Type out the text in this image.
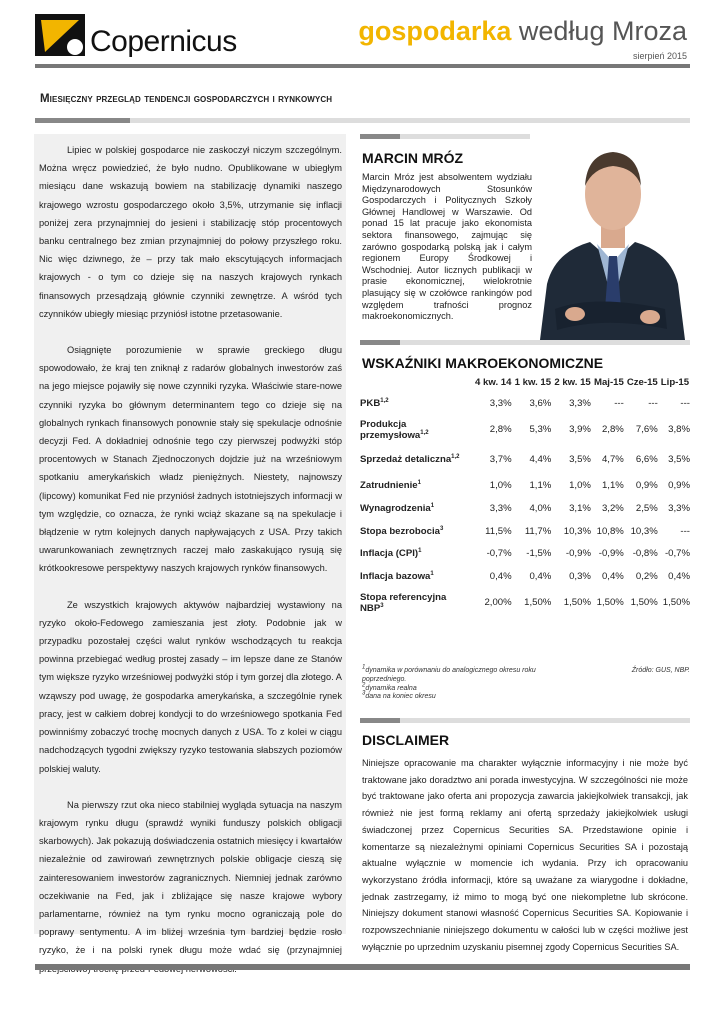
Copernicus	gospodarka według Mroza
sierpień 2015
Miesięczny przegląd tendencji gospodarczych i rynkowych

Lipiec w polskiej gospodarce nie zaskoczył niczym szczególnym. Można wręcz powiedzieć, że było nudno. Opublikowane w ubiegłym miesiącu dane wskazują bowiem na stabilizację dynamiki naszego krajowego wzrostu gospodarczego około 3,5%, utrzymanie się inflacji poniżej zera przynajmniej do jesieni i stabilizację stóp procentowych banku centralnego bez zmian przynajmniej do połowy przyszłego roku. Nic więc dziwnego, że – przy tak mało ekscytujących informacjach krajowych - o tym co dzieje się na naszych krajowych rynkach finansowych przesądzają głównie czynniki zewnętrze. A wśród tych czynników ubiegły miesiąc przyniósł istotne przetasowanie.

Osiągnięte porozumienie w sprawie greckiego długu spowodowało, że kraj ten zniknął z radarów globalnych inwestorów zaś na jego miejsce pojawiły się nowe czynniki ryzyka. Właściwie stare-nowe czynniki ryzyka bo głównym determinantem tego co dzieje się na globalnych rynkach finansowych ponownie stały się spekulacje odnośnie decyzji Fed. A dokładniej odnośnie tego czy pierwszej podwyżki stóp procentowych w Stanach Zjednoczonych dojdzie już na wrześniowym spotkaniu amerykańskich władz pieniężnych. Niestety, najnowszy (lipcowy) komunikat Fed nie przyniósł żadnych istotniejszych informacji w tym względzie, co oznacza, że rynki wciąż skazane są na spekulacje i błądzenie w rytm kolejnych danych napływających z USA. Przy takich uwarunkowaniach zewnętrznych raczej mało zaskakująco rysują się krótkookresowe perspektywy naszych krajowych rynków finansowych.

Ze wszystkich krajowych aktywów najbardziej wystawiony na ryzyko około-Fedowego zamieszania jest złoty. Podobnie jak w przypadku pozostałej części walut rynków wschodzących tu reakcja powinna przebiegać według prostej zasady – im lepsze dane ze Stanów tym większe ryzyko wrześniowej podwyżki stóp i tym gorzej dla złotego. A wząwszy pod uwagę, że gospodarka amerykańska, a szczególnie rynek pracy, jest w całkiem dobrej kondycji to do wrześniowego spotkania Fed powinniśmy zobaczyć trochę mocnych danych z USA. To z kolei w ciągu nadchodzących tygodni zwiększy ryzyko testowania słabszych poziomów polskiej waluty.

Na pierwszy rzut oka nieco stabilniej wygląda sytuacja na naszym krajowym rynku długu (sprawdź wyniki funduszy polskich obligacji skarbowych). Jak pokazują doświadczenia ostatnich miesięcy i kwartałów niezależnie od zawirowań zewnętrznych polskie obligacje cieszą się zainteresowaniem inwestorów zagranicznych. Niemniej jednak zarówno oczekiwanie na Fed, jak i zbliżające się nasze krajowe wybory parlamentarne, również na tym rynku mocno ograniczają pole do poprawy sentymentu. A im bliżej września tym bardziej będzie rosło ryzyko, że i na polski rynek długu może wdać się (przynajmniej

MARCIN MRÓZ
Marcin Mróz jest absolwentem wydziału Międzynarodowych Stosunków Gospodarczych i Politycznych Szkoły Głównej Handlowej w Warszawie. Od ponad 15 lat pracuje jako ekonomista sektora finansowego, zajmując się zarówno gospodarką polską jak i całym regionem Europy Środkowej i Wschodniej. Autor licznych publikacji w prasie ekonomicznej, wielokrotnie plasujący się w czołówce rankingów pod względem trafności prognoz makroekonomicznych.
WSKAŹNIKI MAKROEKONOMICZNE
	4 kw. 14	1 kw. 15	2 kw. 15	Maj-15	Cze-15	Lip-15
PKB$^{1,2}$	3,3%	3,6%	3,3%	---	---	---
Produkcja przemysłowa$^{1,2}$	2,8%	5,3%	3,9%	2,8%	7,6%	3,8%
Sprzedaż detaliczna$^{1,2}$	3,7%	4,4%	3,5%	4,7%	6,6%	3,5%
Zatrudnienie$^1$	1,0%	1,1%	1,0%	1,1%	0,9%	0,9%
Wynagrodzenia$^1$	3,3%	4,0%	3,1%	3,2%	2,5%	3,3%
Stopa bezrobocia$^3$	11,5%	11,7%	10,3%	10,8%	10,3%	---
Inflacja (CPI)$^1$	-0,7%	-1,5%	-0,9%	-0,9%	-0,8%	-0,7%
Inflacja bazowa$^1$	0,4%	0,4%	0,3%	0,4%	0,2%	0,4%
Stopa referencyjna NBP$^3$	2,00%	1,50%	1,50%	1,50%	1,50%	1,50%
$^1$dynamika w porównaniu do analogicznego okresu roku poprzedniego.
$^2$dynamika realna
$^3$dana na koniec okresu
Źródło: GUS, NBP.
DISCLAIMER
Niniejsze opracowanie ma charakter wyłącznie informacyjny i nie może być traktowane jako doradztwo ani porada inwestycyjna. W szczególności nie może być traktowane jako oferta ani propozycja zawarcia jakiejkolwiek transakcji, jak również nie jest formą reklamy ani ofertą sprzedaży jakiejkolwiek usługi świadczonej przez Copernicus Securities SA. Przedstawione opinie i komentarze są niezależnymi opiniami Copernicus Securities SA i pozostają aktualne wyłącznie w momencie ich wydania. Przy ich opracowaniu wykorzystano źródła informacji, które są uważane za wiarygodne i dokładne, jednak zastrzegamy, iż mimo to mogą być one niekompletne lub skrócone. Niniejszy dokument stanowi własność Copernicus Securities SA. Kopiowanie i rozpowszechnianie niniejszego dokumentu w całości lub w części możliwe jest wyłącznie po uprzednim uzyskaniu pisemnej zgody Copernicus Securities SA.
